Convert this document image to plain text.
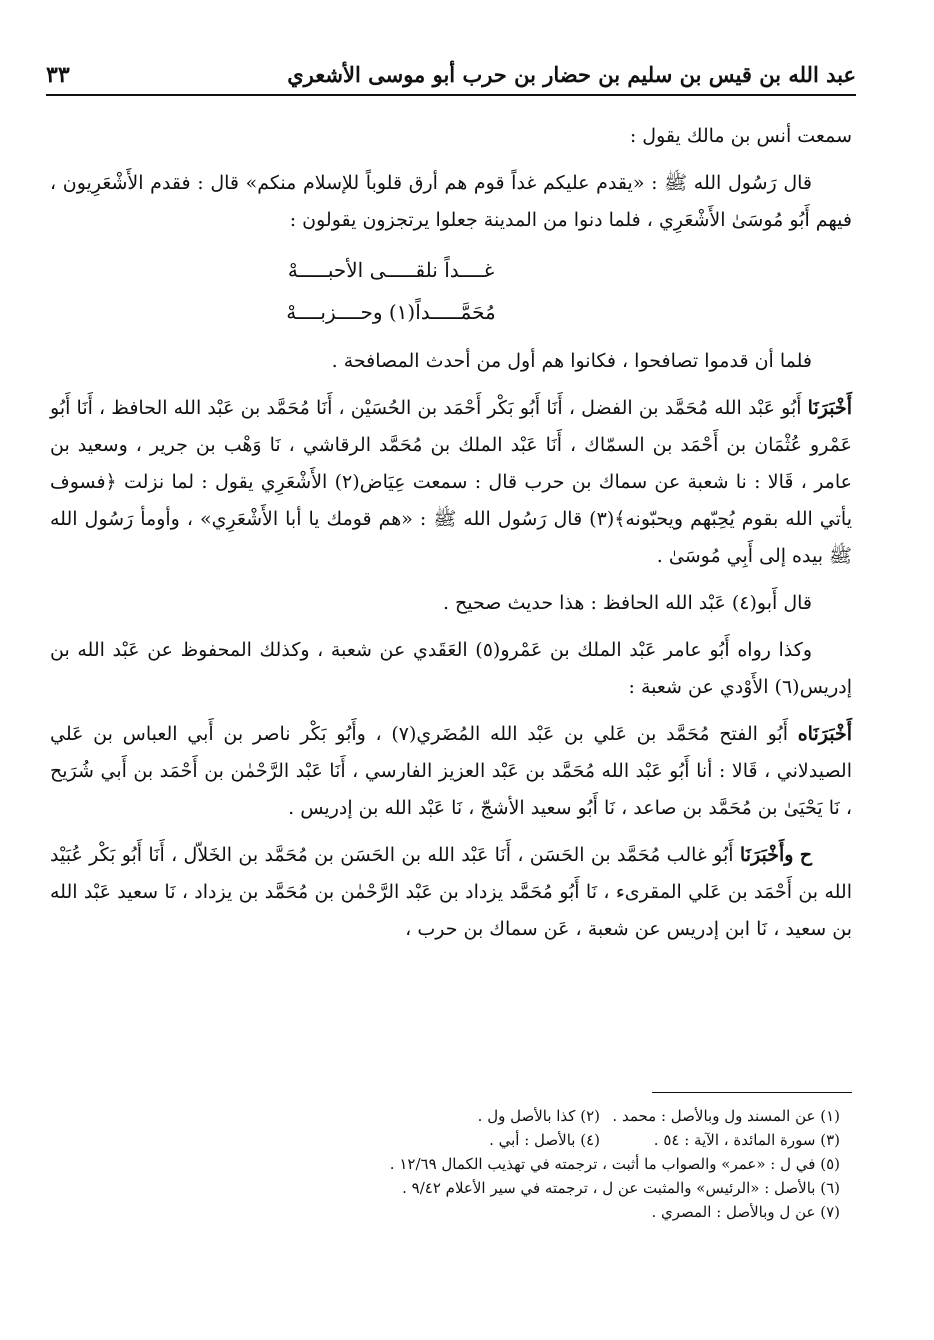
عبد الله بن قيس بن سليم بن حضار بن حرب أبو موسى الأشعري
٣٣

سمعت أنس بن مالك يقول :

قال رَسُول الله ﷺ : «يقدم عليكم غداً قوم هم أرق قلوباً للإسلام منكم» قال : فقدم الأَشْعَرِيون ، فيهم أَبُو مُوسَىٰ الأَشْعَرِي ، فلما دنوا من المدينة جعلوا يرتجزون يقولون :

غــــداً نلقـــــى الأحبـــــهْ
مُحَمَّـــــداً(١) وحــــزبــــهْ

فلما أن قدموا تصافحوا ، فكانوا هم أول من أحدث المصافحة .

أَخْبَرَنَا أَبُو عَبْد الله مُحَمَّد بن الفضل ، أَنَا أَبُو بَكْر أَحْمَد بن الحُسَيْن ، أَنَا مُحَمَّد بن عَبْد الله الحافظ ، أَنَا أَبُو عَمْرو عُثْمَان بن أَحْمَد بن السمّاك ، أَنَا عَبْد الملك بن مُحَمَّد الرقاشي ، نَا وَهْب بن جرير ، وسعيد بن عامر ، قَالا : نا شعبة عن سماك بن حرب قال : سمعت عِيَاض(٢) الأَشْعَرِي يقول : لما نزلت ﴿فسوف يأتي الله بقوم يُحِبّهم ويحبّونه﴾(٣) قال رَسُول الله ﷺ : «هم قومك يا أبا الأَشْعَرِي» ، وأومأ رَسُول الله ﷺ بيده إلى أَبِي مُوسَىٰ .

قال أَبو(٤) عَبْد الله الحافظ : هذا حديث صحيح .

وكذا رواه أَبُو عامر عَبْد الملك بن عَمْرو(٥) العَقَدي عن شعبة ، وكذلك المحفوظ عن عَبْد الله بن إدريس(٦) الأَوْدي عن شعبة :

أَخْبَرَنَاه أَبُو الفتح مُحَمَّد بن عَلي بن عَبْد الله المُضَري(٧) ، وأَبُو بَكْر ناصر بن أَبي العباس بن عَلي الصيدلاني ، قَالا : أنا أَبُو عَبْد الله مُحَمَّد بن عَبْد العزيز الفارسي ، أَنَا عَبْد الرَّحْمٰن بن أَحْمَد بن أَبي شُرَيح ، نَا يَحْيَىٰ بن مُحَمَّد بن صاعد ، نَا أَبُو سعيد الأشجّ ، نَا عَبْد الله بن إدريس .

ح وأَخْبَرَنَا أَبُو غالب مُحَمَّد بن الحَسَن ، أَنَا عَبْد الله بن الحَسَن بن مُحَمَّد بن الخَلاّل ، أَنَا أَبُو بَكْر عُبَيْد الله بن أَحْمَد بن عَلي المقرىء ، نَا أَبُو مُحَمَّد يزداد بن عَبْد الرَّحْمٰن بن مُحَمَّد بن يزداد ، نَا سعيد عَبْد الله بن سعيد ، نَا ابن إدريس عن شعبة ، عَن سماك بن حرب ،

(١) عن المسند ول وبالأصل : محمد .
(٢) كذا بالأصل ول .
(٣) سورة المائدة ، الآية : ٥٤ .
(٤) بالأصل : أبي .
(٥) في ل : «عمر» والصواب ما أثبت ، ترجمته في تهذيب الكمال ١٢/٦٩ .
(٦) بالأصل : «الرئيس» والمثبت عن ل ، ترجمته في سير الأعلام ٩/٤٢ .
(٧) عن ل وبالأصل : المصري .
